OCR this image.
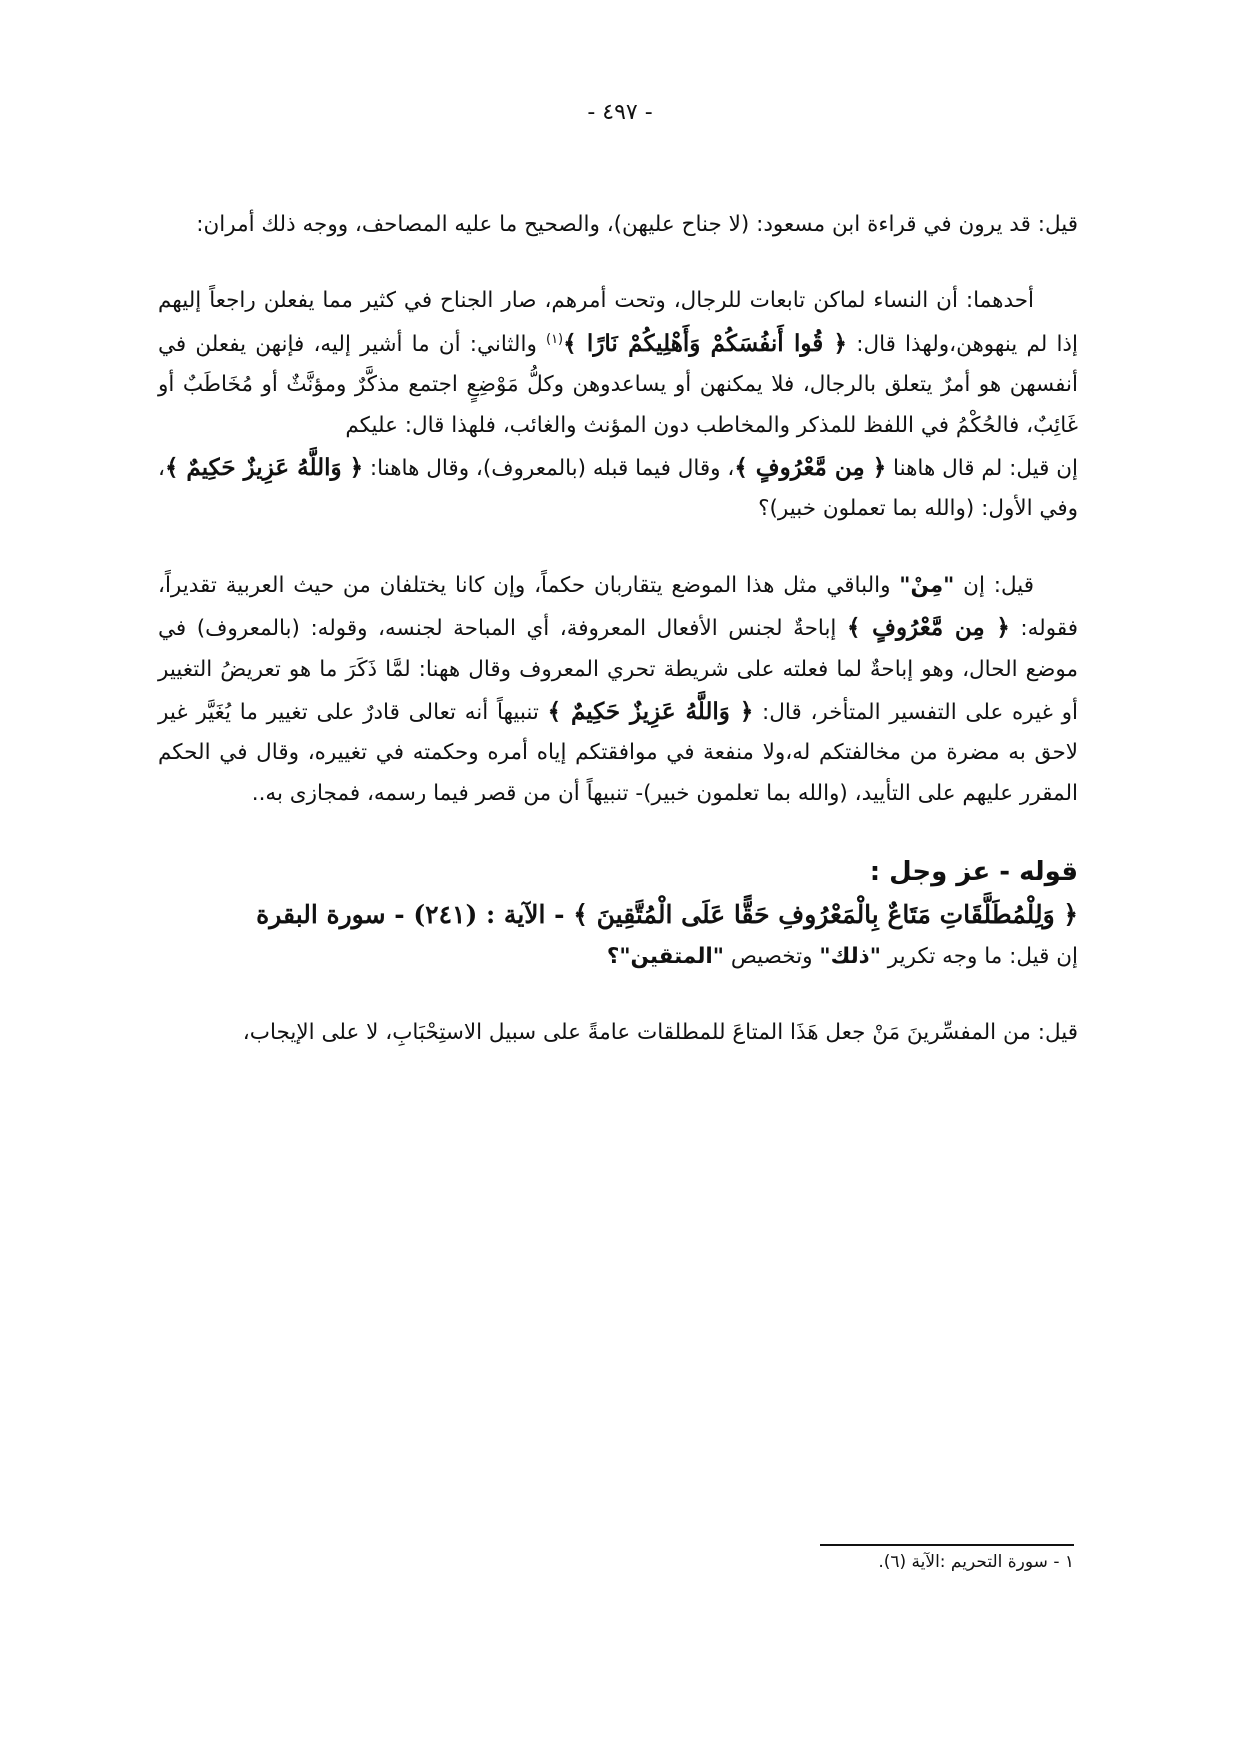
- ٤٩٧ -

قيل: قد يرون في قراءة ابن مسعود: (لا جناح عليهن)، والصحيح ما عليه المصاحف، ووجه ذلك أمران:

أحدهما: أن النساء لماكن تابعات للرجال، وتحت أمرهم، صار الجناح في كثير مما يفعلن راجعاً إليهم إذا لم ينهوهن،ولهذا قال: ﴿ قُوا أَنفُسَكُمْ وَأَهْلِيكُمْ نَارًا ﴾$^{(١)}$ والثاني: أن ما أشير إليه، فإنهن يفعلن في أنفسهن هو أمرٌ يتعلق بالرجال، فلا يمكنهن أو يساعدوهن وكلُّ مَوْضِعٍ اجتمع مذكَّرٌ ومؤنَّثٌ أو مُخَاطَبٌ أو غَائِبٌ، فالحُكْمُ في اللفظ للمذكر والمخاطب دون المؤنث والغائب، فلهذا قال: عليكم

إن قيل: لم قال هاهنا ﴿ مِن مَّعْرُوفٍ ﴾، وقال فيما قبله (بالمعروف)، وقال هاهنا: ﴿ وَاللَّهُ عَزِيزٌ حَكِيمٌ ﴾، وفي الأول: (والله بما تعملون خبير)؟

قيل: إن "مِنْ" والباقي مثل هذا الموضع يتقاربان حكماً، وإن كانا يختلفان من حيث العربية تقديراً، فقوله: ﴿ مِن مَّعْرُوفٍ ﴾ إباحةٌ لجنس الأفعال المعروفة، أي المباحة لجنسه، وقوله: (بالمعروف) في موضع الحال، وهو إباحةٌ لما فعلته على شريطة تحري المعروف وقال ههنا: لمَّا ذَكَرَ ما هو تعريضُ التغيير أو غيره على التفسير المتأخر، قال: ﴿ وَاللَّهُ عَزِيزٌ حَكِيمٌ ﴾ تنبيهاً أنه تعالى قادرٌ على تغيير ما يُغَيَّر غير لاحق به مضرة من مخالفتكم له،ولا منفعة في موافقتكم إياه أمره وحكمته في تغييره، وقال في الحكم المقرر عليهم على التأييد، (والله بما تعلمون خبير)- تنبيهاً أن من قصر فيما رسمه، فمجازى به..

قوله - عز وجل :

﴿ وَلِلْمُطَلَّقَاتِ مَتَاعٌ بِالْمَعْرُوفِ حَقًّا عَلَى الْمُتَّقِينَ ﴾ - الآية : (٢٤١) - سورة البقرة

إن قيل: ما وجه تكرير "ذلك" وتخصيص "المتقين"؟

قيل: من المفسِّرينَ مَنْ جعل هَذَا المتاعَ للمطلقات عامةً على سبيل الاستِحْبَابِ، لا على الإيجاب،

١ - سورة التحريم :الآية (٦).
